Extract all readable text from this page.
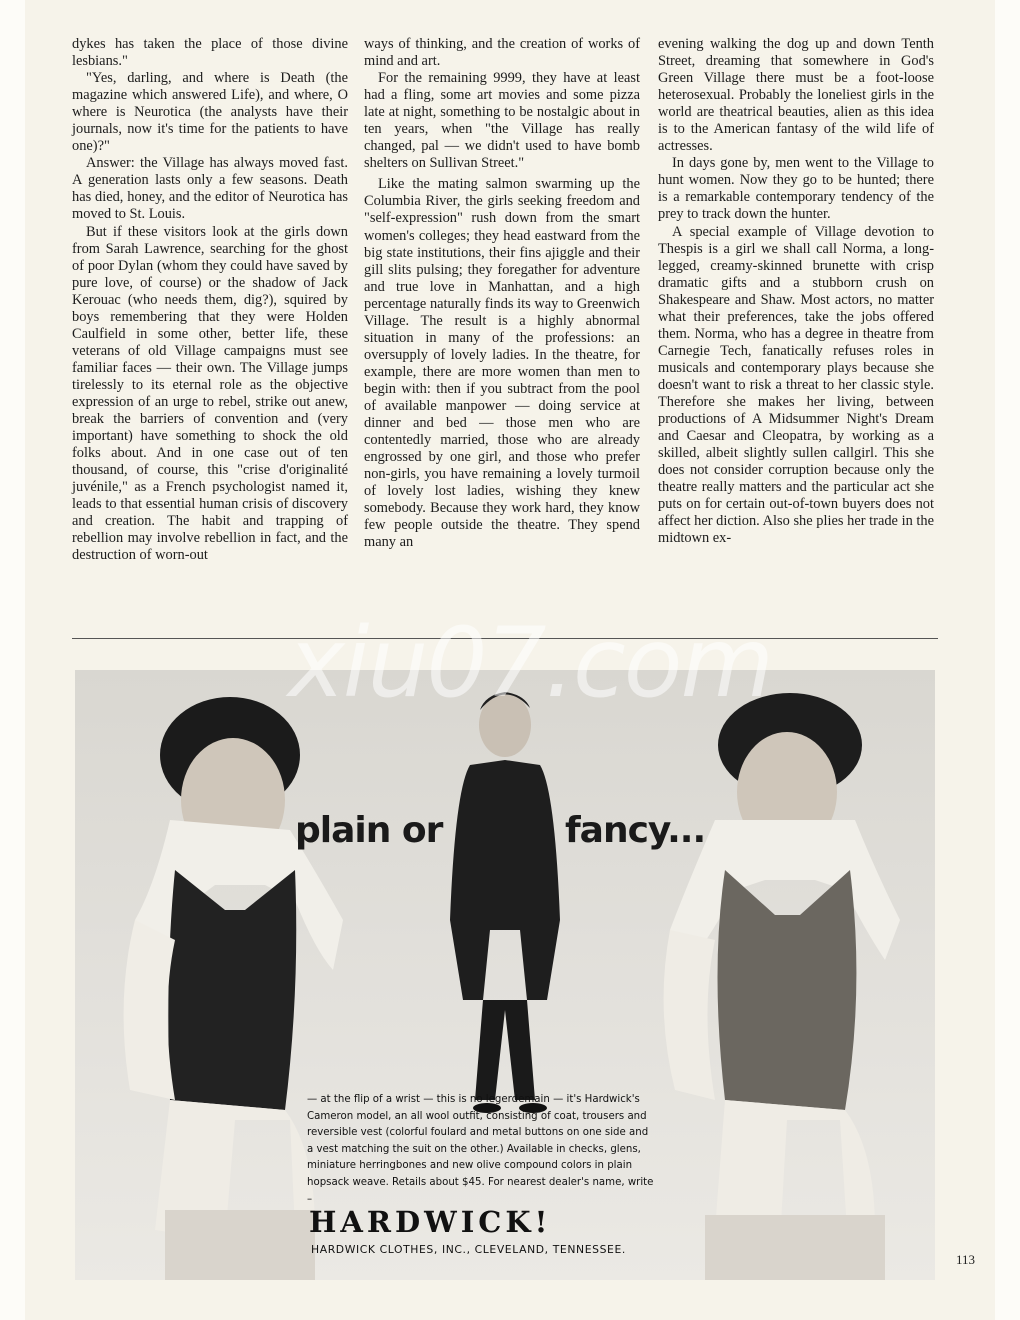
dykes has taken the place of those divine lesbians."

"Yes, darling, and where is Death (the magazine which answered Life), and where, O where is Neurotica (the analysts have their journals, now it's time for the patients to have one)?"

Answer: the Village has always moved fast. A generation lasts only a few seasons. Death has died, honey, and the editor of Neurotica has moved to St. Louis.

But if these visitors look at the girls down from Sarah Lawrence, searching for the ghost of poor Dylan (whom they could have saved by pure love, of course) or the shadow of Jack Kerouac (who needs them, dig?), squired by boys remembering that they were Holden Caulfield in some other, better life, these veterans of old Village campaigns must see familiar faces — their own. The Village jumps tirelessly to its eternal role as the objective expression of an urge to rebel, strike out anew, break the barriers of convention and (very important) have something to shock the old folks about. And in one case out of ten thousand, of course, this "crise d'originalité juvénile," as a French psychologist named it, leads to that essential human crisis of discovery and creation. The habit and trapping of rebellion may involve rebellion in fact, and the destruction of worn-out

ways of thinking, and the creation of works of mind and art.

For the remaining 9999, they have at least had a fling, some art movies and some pizza late at night, something to be nostalgic about in ten years, when "the Village has really changed, pal — we didn't used to have bomb shelters on Sullivan Street."

Like the mating salmon swarming up the Columbia River, the girls seeking freedom and "self-expression" rush down from the smart women's colleges; they head eastward from the big state institutions, their fins ajiggle and their gill slits pulsing; they foregather for adventure and true love in Manhattan, and a high percentage naturally finds its way to Greenwich Village. The result is a highly abnormal situation in many of the professions: an oversupply of lovely ladies. In the theatre, for example, there are more women than men to begin with: then if you subtract from the pool of available manpower — doing service at dinner and bed — those men who are contentedly married, those who are already engrossed by one girl, and those who prefer non-girls, you have remaining a lovely turmoil of lovely lost ladies, wishing they knew somebody. Because they work hard, they know few people outside the theatre. They spend many an

evening walking the dog up and down Tenth Street, dreaming that somewhere in God's Green Village there must be a foot-loose heterosexual. Probably the loneliest girls in the world are theatrical beauties, alien as this idea is to the American fantasy of the wild life of actresses.

In days gone by, men went to the Village to hunt women. Now they go to be hunted; there is a remarkable contemporary tendency of the prey to track down the hunter.

A special example of Village devotion to Thespis is a girl we shall call Norma, a long-legged, creamy-skinned brunette with crisp dramatic gifts and a stubborn crush on Shakespeare and Shaw. Most actors, no matter what their preferences, take the jobs offered them. Norma, who has a degree in theatre from Carnegie Tech, fanatically refuses roles in musicals and contemporary plays because she doesn't want to risk a threat to her classic style. Therefore she makes her living, between productions of A Midsummer Night's Dream and Caesar and Cleopatra, by working as a skilled, albeit slightly sullen callgirl. This she does not consider corruption because only the theatre really matters and the particular act she puts on for certain out-of-town buyers does not affect her diction. Also she plies her trade in the midtown ex-

plain or	fancy...
— at the flip of a wrist — this is no legerdemain — it's Hardwick's Cameron model, an all wool outfit, consisting of coat, trousers and reversible vest (colorful foulard and metal buttons on one side and a vest matching the suit on the other.) Available in checks, glens, miniature herringbones and new olive compound colors in plain hopsack weave. Retails about $45. For nearest dealer's name, write –
HARDWICK!
HARDWICK CLOTHES, INC., CLEVELAND, TENNESSEE.
xiu07.com
113
